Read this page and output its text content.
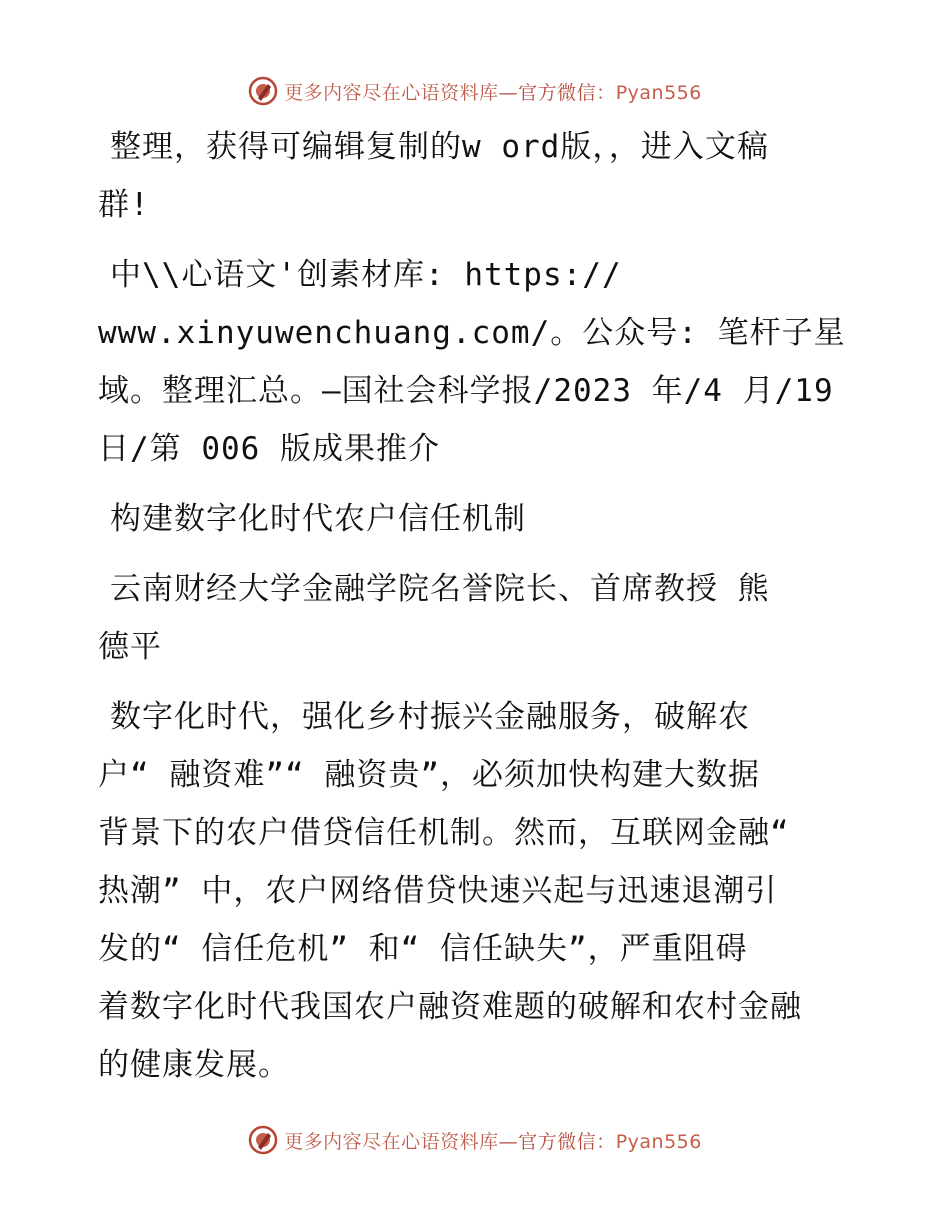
更多内容尽在心语资料库—官方微信：Pyan556
整理，获得可编辑复制的w ord版，，进入文稿
群!
中\\心语文'创素材库: https://
www.xinyuwenchuang.com/。公众号: 笔杆子星
域。整理汇总。—国社会科学报/2023 年/4 月/19
日/第 006 版成果推介
构建数字化时代农户信任机制
云南财经大学金融学院名誉院长、首席教授 熊
德平
数字化时代，强化乡村振兴金融服务，破解农
户“ 融资难”“ 融资贵”，必须加快构建大数据
背景下的农户借贷信任机制。然而，互联网金融“
热潮” 中，农户网络借贷快速兴起与迅速退潮引
发的“ 信任危机” 和“ 信任缺失”，严重阻碍
着数字化时代我国农户融资难题的破解和农村金融
的健康发展。
更多内容尽在心语资料库—官方微信：Pyan556
